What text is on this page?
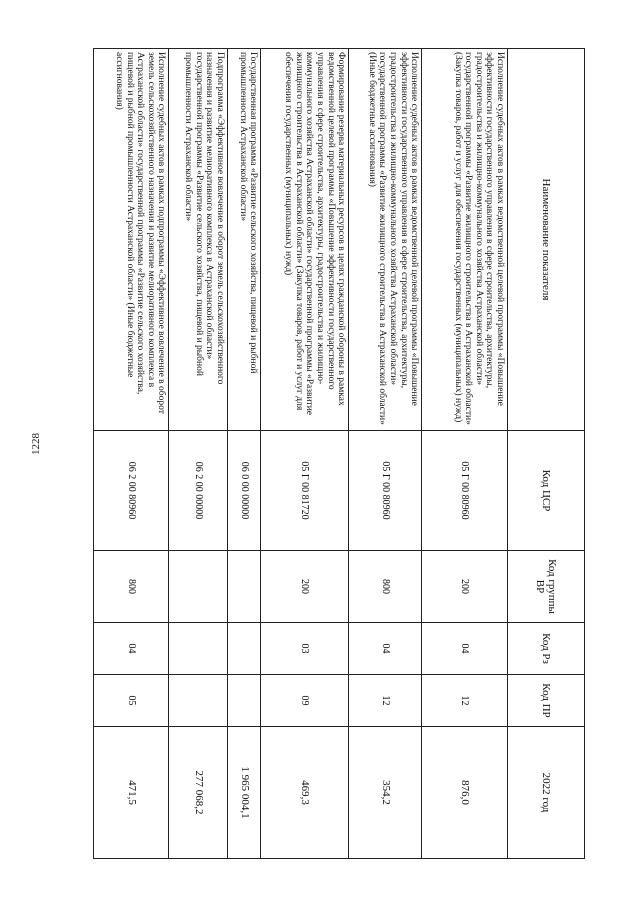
1228
Наименование показателя	Код ЦСР	Код группы ВР	Код Рз	Код ПР	2022 год
Исполнение судебных актов в рамках ведомственной целевой программы «Повышение эффективности государственного управления в сфере строительства, архитектуры, градостроительства и жилищно-коммунального хозяйства Астраханской области» государственной программы «Развитие жилищного строительства в Астраханской области» (Закупка товаров, работ и услуг для обеспечения государственных (муниципальных) нужд)	05 Г 00 80960	200	04	12	876,0
Исполнение судебных актов в рамках ведомственной целевой программы «Повышение эффективности государственного управления в сфере строительства, архитектуры, градостроительства и жилищно-коммунального хозяйства Астраханской области» государственной программы «Развитие жилищного строительства в Астраханской области» (Иные бюджетные ассигнования)	05 Г 00 80960	800	04	12	354,2
Формирование резерва материальных ресурсов в целях гражданской обороны в рамках ведомственной целевой программы «Повышение эффективности государственного управления в сфере строительства, архитектуры, градостроительства и жилищно-коммунального хозяйства Астраханской области» государственной программы «Развитие жилищного строительства в Астраханской области» (Закупка товаров, работ и услуг для обеспечения государственных (муниципальных) нужд)	05 Г 00 81720	200	03	09	469,3
Государственная программа «Развитие сельского хозяйства, пищевой и рыбной промышленности Астраханской области»	06 0 00 00000				1 965 004,1
Подпрограмма «Эффективное вовлечение в оборот земель сельскохозяйственного назначения и развитие мелиоративного комплекса в Астраханской области» государственной программы «Развитие сельского хозяйства, пищевой и рыбной промышленности Астраханской области»	06 2 00 00000				277 068,2
Исполнение судебных актов в рамках подпрограммы «Эффективное вовлечение в оборот земель сельскохозяйственного назначения и развитие мелиоративного комплекса в Астраханской области» государственной программы «Развитие сельского хозяйства, пищевой и рыбной промышленности Астраханской области» (Иные бюджетные ассигнования)	06 2 00 80960	800	04	05	471,5
